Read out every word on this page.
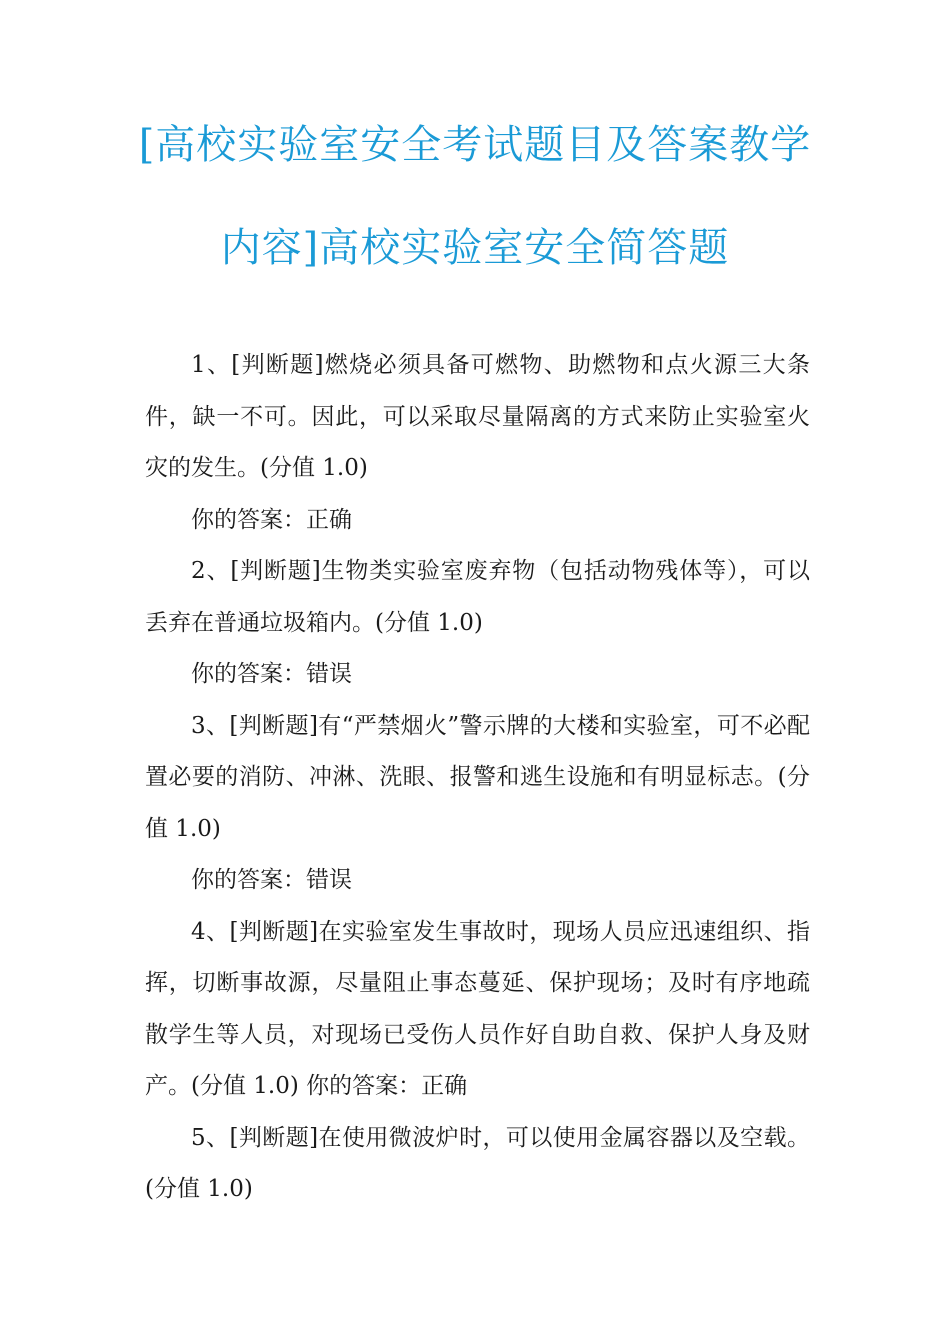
[高校实验室安全考试题目及答案教学
内容]高校实验室安全简答题

1、[判断题]燃烧必须具备可燃物、助燃物和点火源三大条件，缺一不可。因此，可以采取尽量隔离的方式来防止实验室火灾的发生。(分值 1.0)

你的答案：正确

2、[判断题]生物类实验室废弃物（包括动物残体等），可以丢弃在普通垃圾箱内。(分值 1.0)

你的答案：错误

3、[判断题]有“严禁烟火”警示牌的大楼和实验室，可不必配置必要的消防、冲淋、洗眼、报警和逃生设施和有明显标志。(分值 1.0)

你的答案：错误

4、[判断题]在实验室发生事故时，现场人员应迅速组织、指挥，切断事故源，尽量阻止事态蔓延、保护现场；及时有序地疏散学生等人员，对现场已受伤人员作好自助自救、保护人身及财产。(分值 1.0) 你的答案：正确

5、[判断题]在使用微波炉时，可以使用金属容器以及空载。(分值 1.0)
